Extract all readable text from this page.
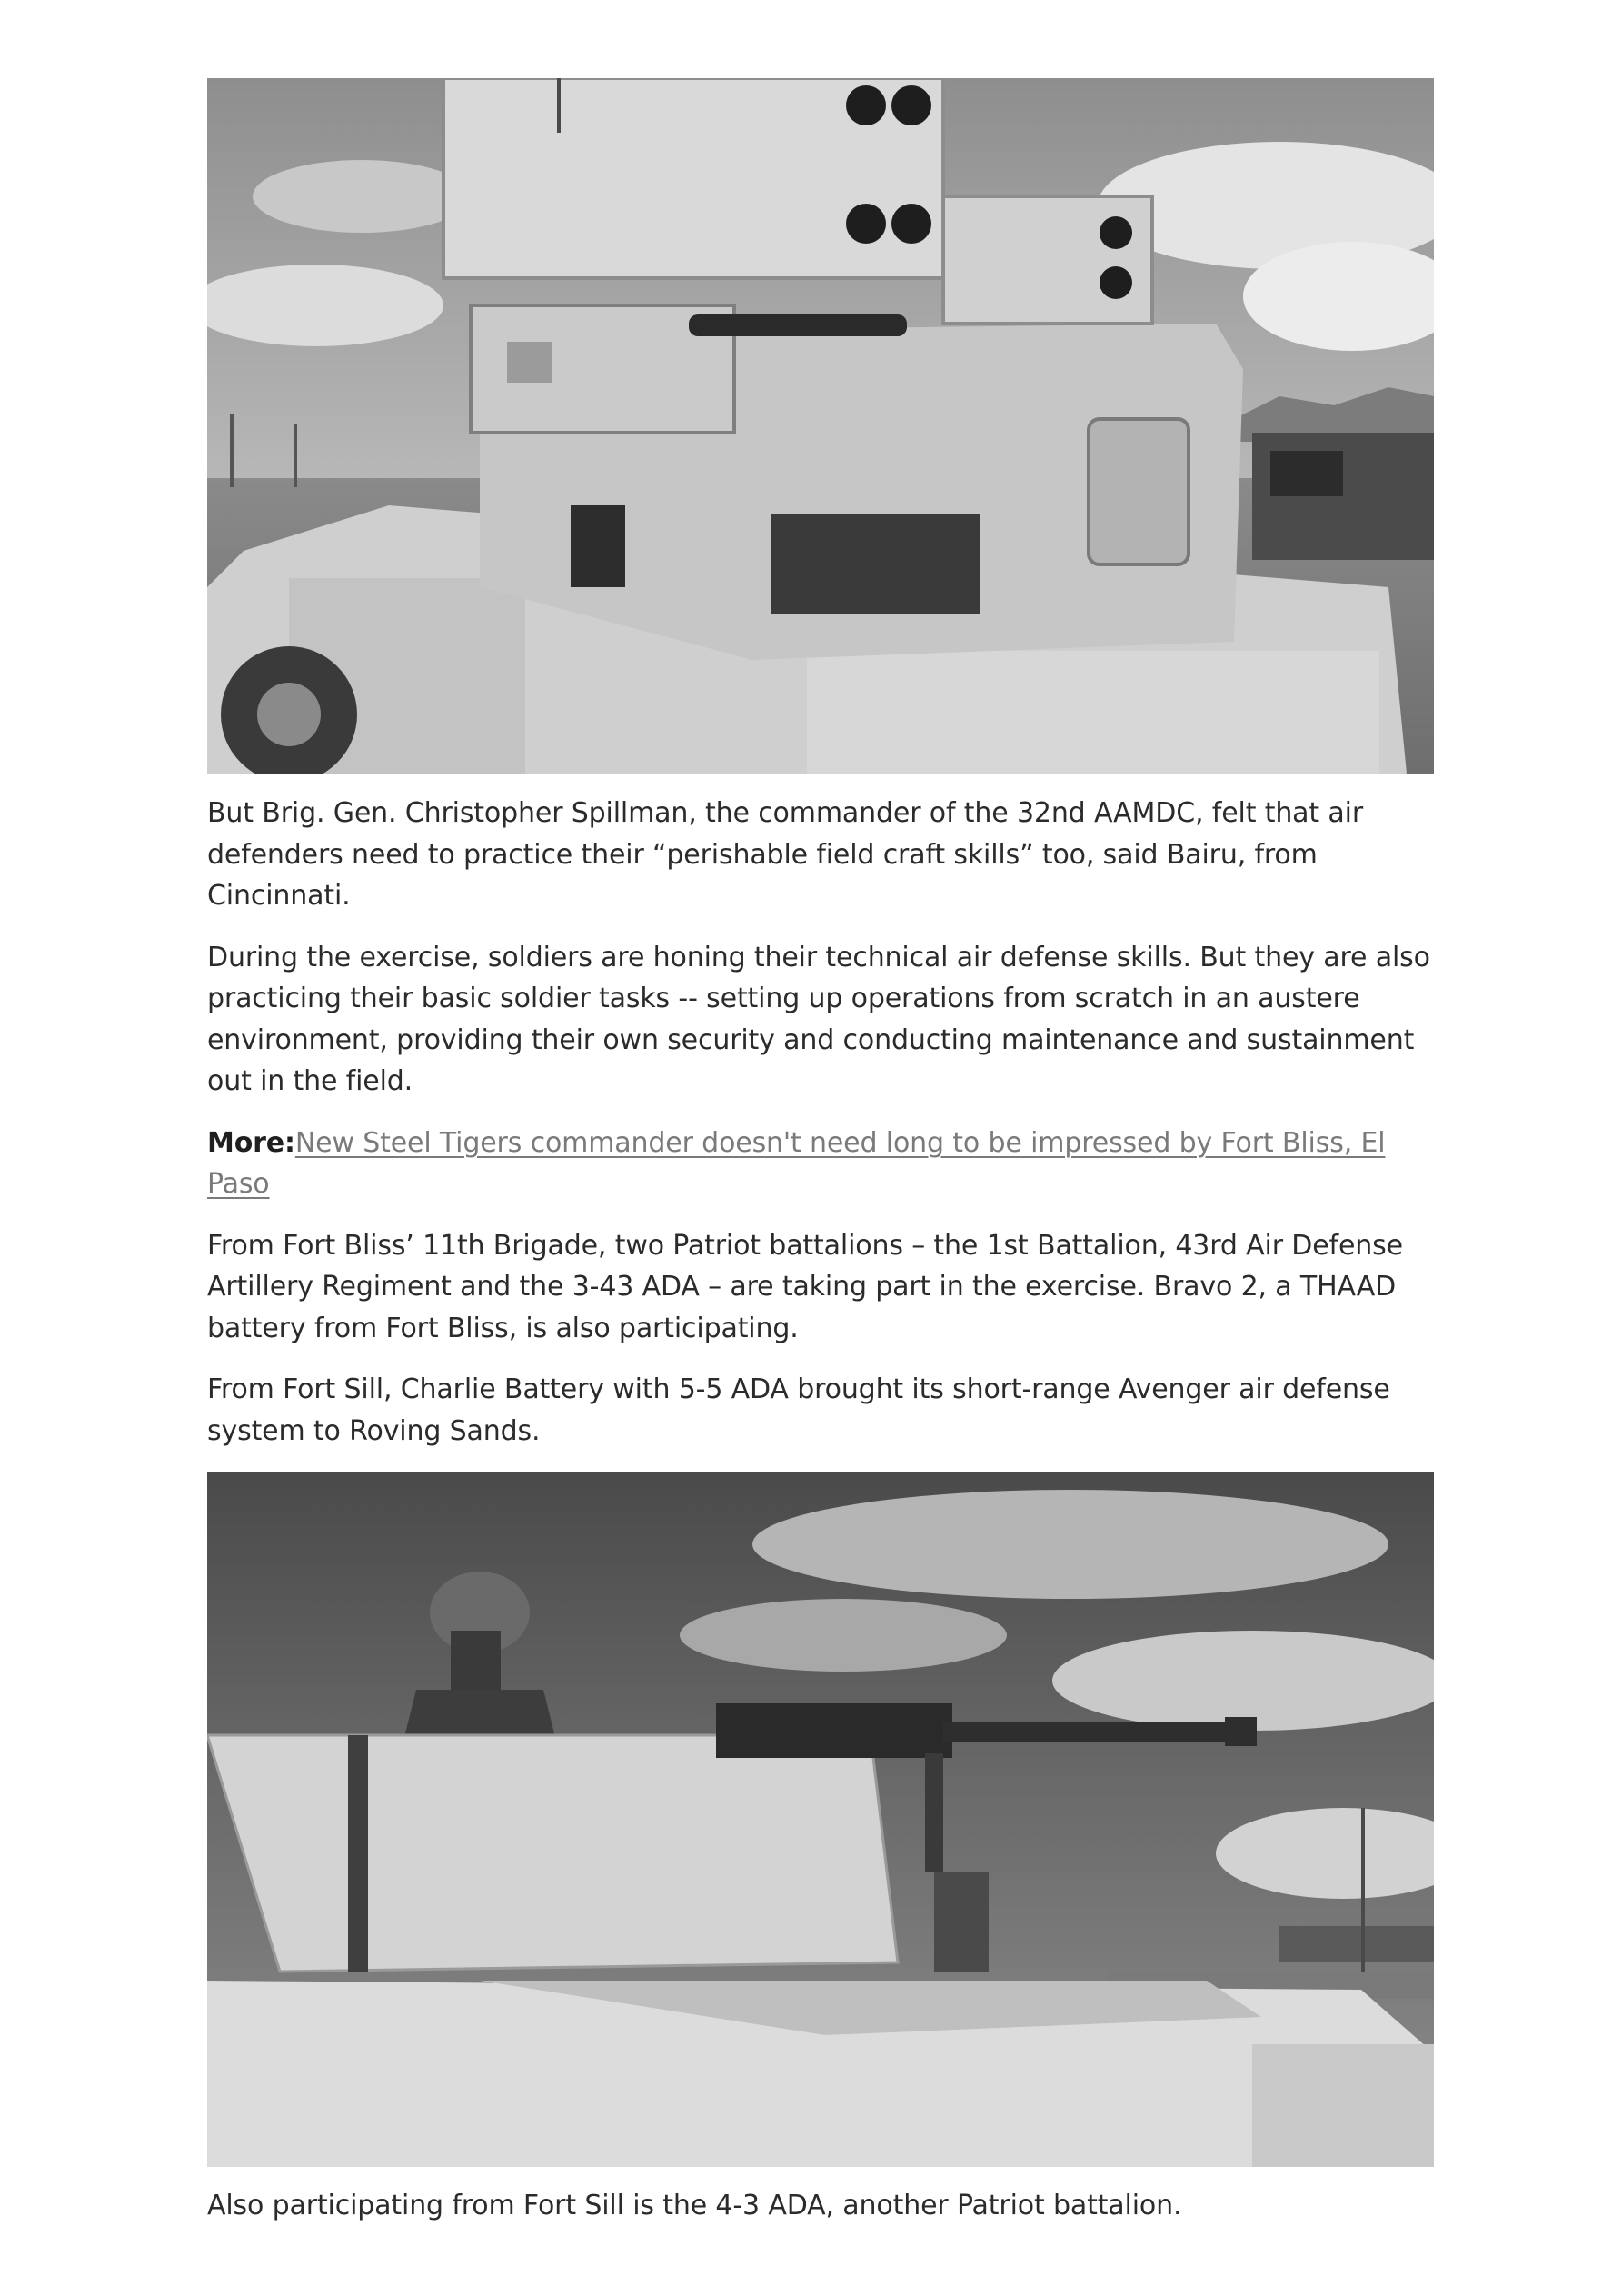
But Brig. Gen. Christopher Spillman, the commander of the 32nd AAMDC, felt that air defenders need to practice their “perishable field craft skills” too, said Bairu, from Cincinnati.

During the exercise, soldiers are honing their technical air defense skills. But they are also practicing their basic soldier tasks -- setting up operations from scratch in an austere environment, providing their own security and conducting maintenance and sustainment out in the field.

More:New Steel Tigers commander doesn't need long to be impressed by Fort Bliss, El Paso

From Fort Bliss’ 11th Brigade, two Patriot battalions – the 1st Battalion, 43rd Air Defense Artillery Regiment and the 3-43 ADA – are taking part in the exercise. Bravo 2, a THAAD battery from Fort Bliss, is also participating.

From Fort Sill, Charlie Battery with 5-5 ADA brought its short-range Avenger air defense system to Roving Sands.

Also participating from Fort Sill is the 4-3 ADA, another Patriot battalion.
